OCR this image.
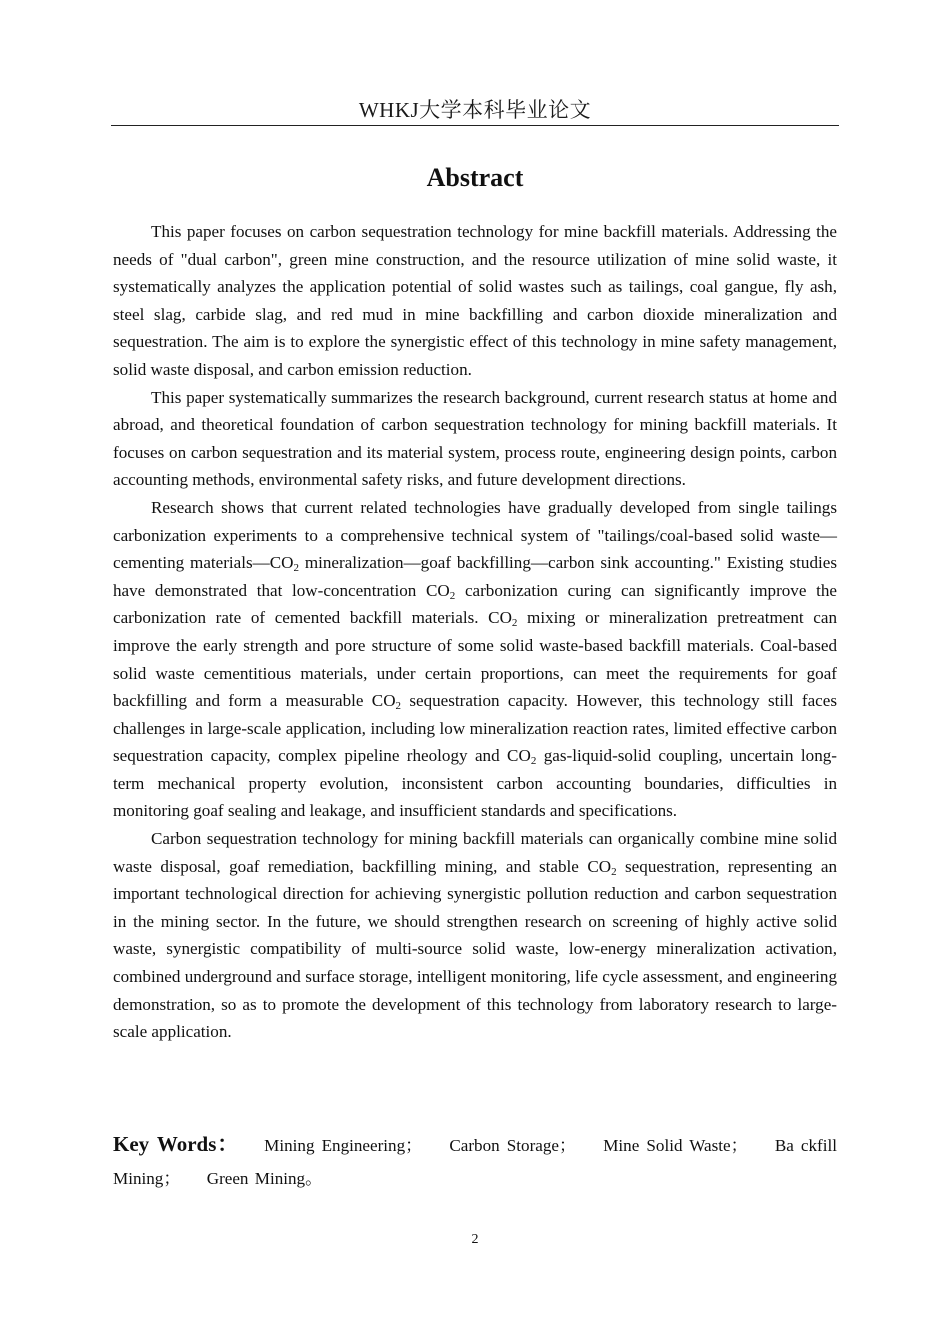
WHKJ大学本科毕业论文
Abstract

This paper focuses on carbon sequestration technology for mine backfill materials. Addressing the needs of "dual carbon", green mine construction, and the resource utilization of mine solid waste, it systematically analyzes the application potential of solid wastes such as tailings, coal gangue, fly ash, steel slag, carbide slag, and red mud in mine backfilling and carbon dioxide mineralization and sequestration. The aim is to explore the synergistic effect of this technology in mine safety management, solid waste disposal, and carbon emission reduction.

This paper systematically summarizes the research background, current research status at home and abroad, and theoretical foundation of carbon sequestration technology for mining backfill materials. It focuses on carbon sequestration and its material system, process route, engineering design points, carbon accounting methods, environmental safety risks, and future development directions.

Research shows that current related technologies have gradually developed from single tailings carbonization experiments to a comprehensive technical system of "tailings/coal-based solid waste—cementing $materials—CO_2$ mineralization—goaf backfilling—carbon sink accounting." Existing studies have demonstrated that low-concentration $CO_2$ carbonization curing can significantly improve the carbonization rate of cemented backfill materials. $CO_2$ mixing or mineralization pretreatment can improve the early strength and pore structure of some solid waste-based backfill materials. Coal-based solid waste cementitious materials, under certain proportions, can meet the requirements for goaf backfilling and form a measurable $CO_2$ sequestration capacity. However, this technology still faces challenges in large-scale application, including low mineralization reaction rates, limited effective carbon sequestration capacity, complex pipeline rheology and $CO_2$ gas-liquid-solid coupling, uncertain long-term mechanical property evolution, inconsistent carbon accounting boundaries, difficulties in monitoring goaf sealing and leakage, and insufficient standards and specifications.

Carbon sequestration technology for mining backfill materials can organically combine mine solid waste disposal, goaf remediation, backfilling mining, and stable $CO_2$ sequestration, representing an important technological direction for achieving synergistic pollution reduction and carbon sequestration in the mining sector. In the future, we should strengthen research on screening of highly active solid waste, synergistic compatibility of multi-source solid waste, low-energy mineralization activation, combined underground and surface storage, intelligent monitoring, life cycle assessment, and engineering demonstration, so as to promote the development of this technology from laboratory research to large-scale application.

Key Words： Mining Engineering； Carbon Storage； Mine Solid Waste； Ba ckfill Mining； Green Mining。
2
